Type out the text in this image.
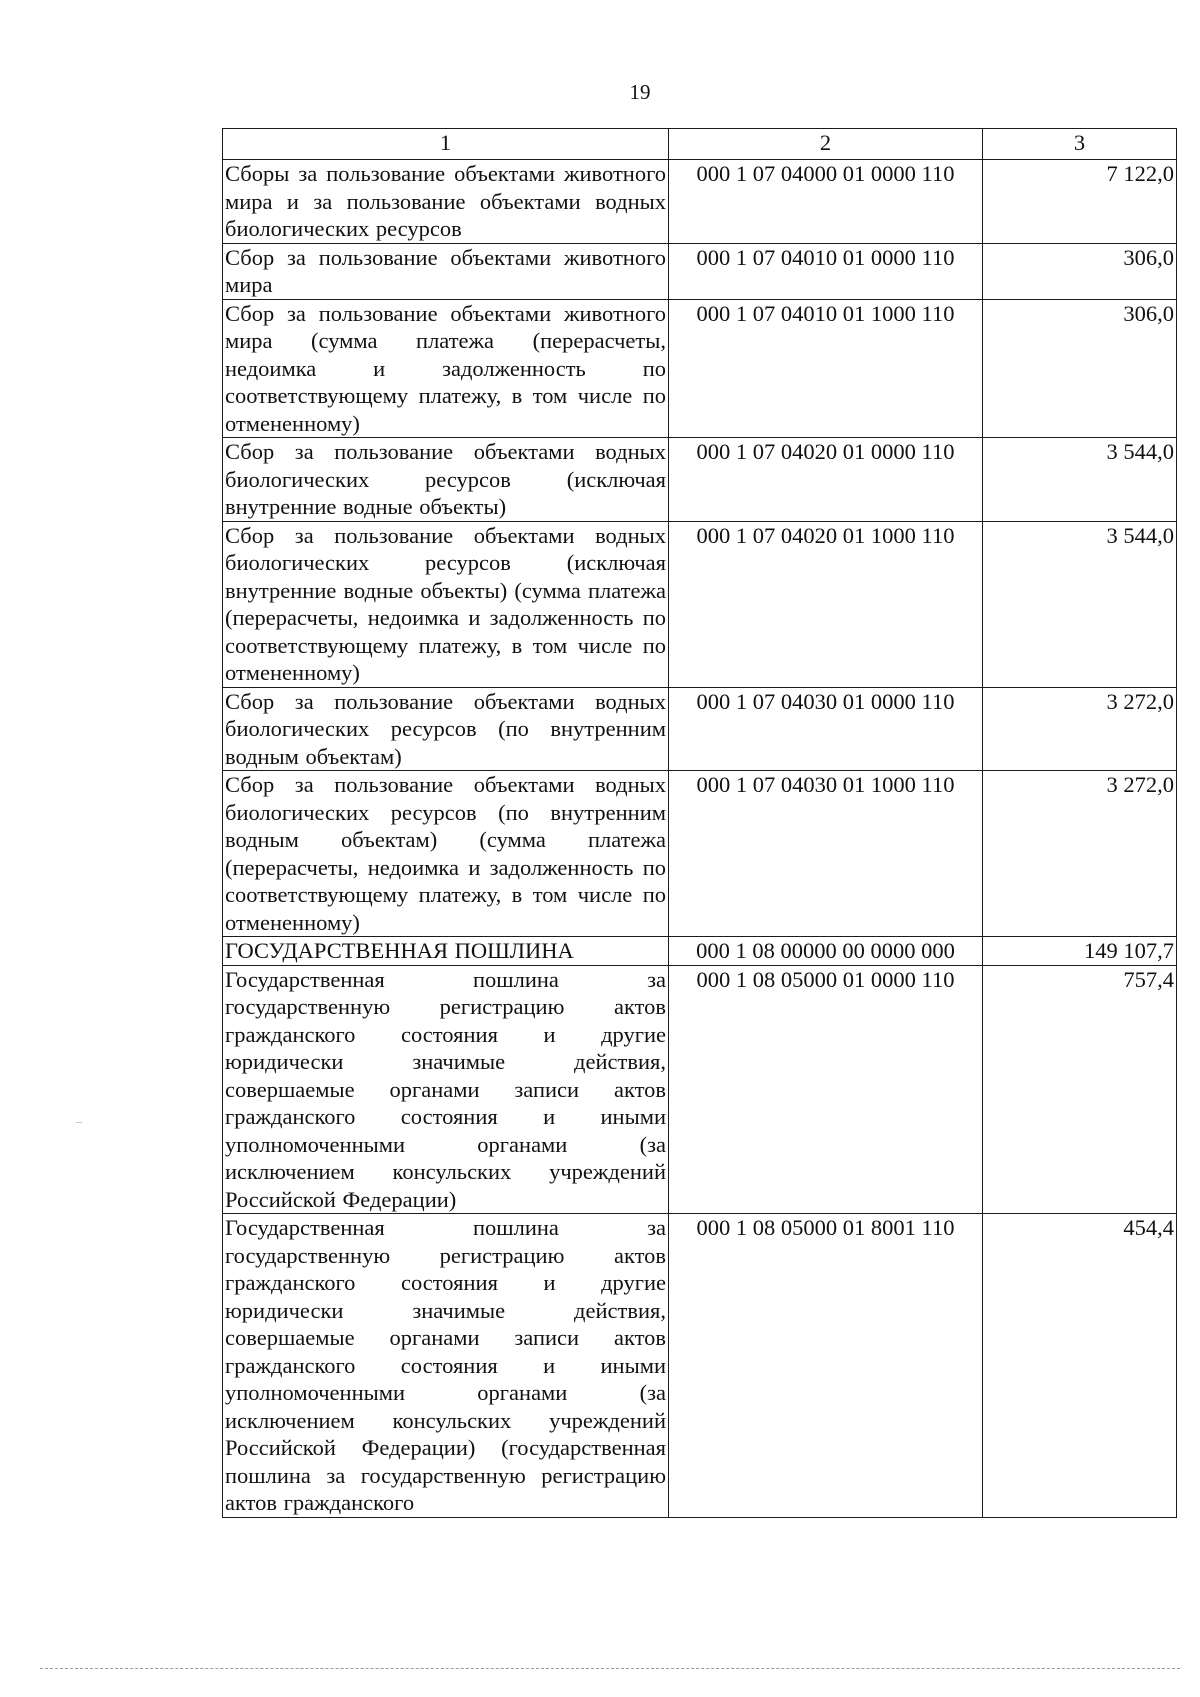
19
1	2	3
Сборы за пользование объектами животного мира и за пользование объектами водных биологических ресурсов	000 1 07 04000 01 0000 110	7 122,0
Сбор за пользование объектами животного мира	000 1 07 04010 01 0000 110	306,0
Сбор за пользование объектами животного мира (сумма платежа (перерасчеты, недоимка и задолженность по соответствующему платежу, в том числе по отмененному)	000 1 07 04010 01 1000 110	306,0
Сбор за пользование объектами водных биологических ресурсов (исключая внутренние водные объекты)	000 1 07 04020 01 0000 110	3 544,0
Сбор за пользование объектами водных биологических ресурсов (исключая внутренние водные объекты) (сумма платежа (перерасчеты, недоимка и задолженность по соответствующему платежу, в том числе по отмененному)	000 1 07 04020 01 1000 110	3 544,0
Сбор за пользование объектами водных биологических ресурсов (по внутренним водным объектам)	000 1 07 04030 01 0000 110	3 272,0
Сбор за пользование объектами водных биологических ресурсов (по внутренним водным объектам) (сумма платежа (перерасчеты, недоимка и задолженность по соответствующему платежу, в том числе по отмененному)	000 1 07 04030 01 1000 110	3 272,0
ГОСУДАРСТВЕННАЯ ПОШЛИНА	000 1 08 00000 00 0000 000	149 107,7
Государственная пошлина за государственную регистрацию актов гражданского состояния и другие юридически значимые действия, совершаемые органами записи актов гражданского состояния и иными уполномоченными органами (за исключением консульских учреждений Российской Федерации)	000 1 08 05000 01 0000 110	757,4
Государственная пошлина за государственную регистрацию актов гражданского состояния и другие юридически значимые действия, совершаемые органами записи актов гражданского состояния и иными уполномоченными органами (за исключением консульских учреждений Российской Федерации) (государственная пошлина за государственную регистрацию актов гражданского	000 1 08 05000 01 8001 110	454,4
